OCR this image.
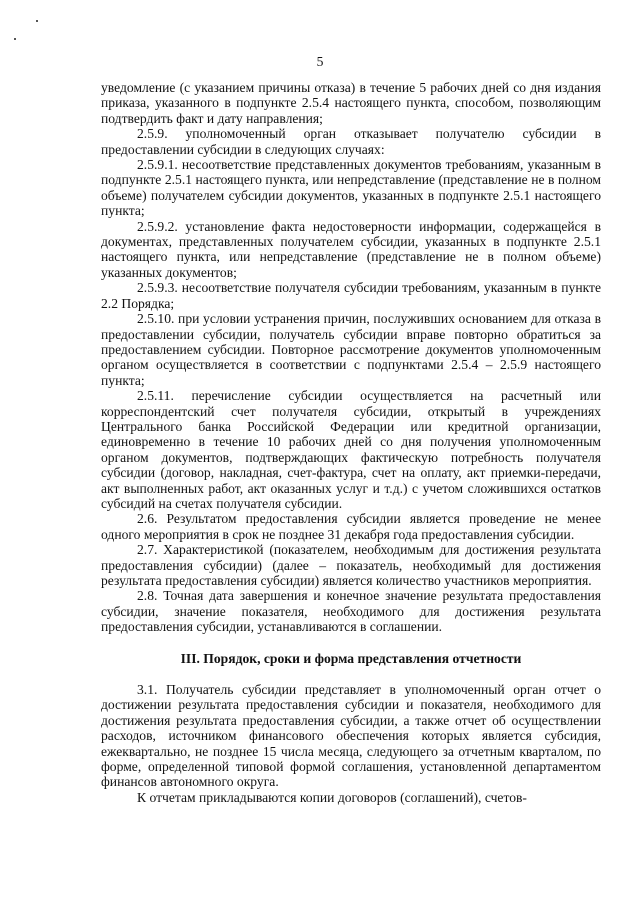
5

уведомление (с указанием причины отказа) в течение 5 рабочих дней со дня издания приказа, указанного в подпункте 2.5.4 настоящего пункта, способом, позволяющим подтвердить факт и дату направления;

2.5.9. уполномоченный орган отказывает получателю субсидии в предоставлении субсидии в следующих случаях:

2.5.9.1. несоответствие представленных документов требованиям, указанным в подпункте 2.5.1 настоящего пункта, или непредставление (представление не в полном объеме) получателем субсидии документов, указанных в подпункте 2.5.1 настоящего пункта;

2.5.9.2. установление факта недостоверности информации, содержащейся в документах, представленных получателем субсидии, указанных в подпункте 2.5.1 настоящего пункта, или непредставление (представление не в полном объеме) указанных документов;

2.5.9.3. несоответствие получателя субсидии требованиям, указанным в пункте 2.2 Порядка;

2.5.10. при условии устранения причин, послуживших основанием для отказа в предоставлении субсидии, получатель субсидии вправе повторно обратиться за предоставлением субсидии. Повторное рассмотрение документов уполномоченным органом осуществляется в соответствии с подпунктами 2.5.4 – 2.5.9 настоящего пункта;

2.5.11. перечисление субсидии осуществляется на расчетный или корреспондентский счет получателя субсидии, открытый в учреждениях Центрального банка Российской Федерации или кредитной организации, единовременно в течение 10 рабочих дней со дня получения уполномоченным органом документов, подтверждающих фактическую потребность получателя субсидии (договор, накладная, счет-фактура, счет на оплату, акт приемки-передачи, акт выполненных работ, акт оказанных услуг и т.д.) с учетом сложившихся остатков субсидий на счетах получателя субсидии.

2.6. Результатом предоставления субсидии является проведение не менее одного мероприятия в срок не позднее 31 декабря года предоставления субсидии.

2.7. Характеристикой (показателем, необходимым для достижения результата предоставления субсидии) (далее – показатель, необходимый для достижения результата предоставления субсидии) является количество участников мероприятия.

2.8. Точная дата завершения и конечное значение результата предоставления субсидии, значение показателя, необходимого для достижения результата предоставления субсидии, устанавливаются в соглашении.

III. Порядок, сроки и форма представления отчетности

3.1. Получатель субсидии представляет в уполномоченный орган отчет о достижении результата предоставления субсидии и показателя, необходимого для достижения результата предоставления субсидии, а также отчет об осуществлении расходов, источником финансового обеспечения которых является субсидия, ежеквартально, не позднее 15 числа месяца, следующего за отчетным кварталом, по форме, определенной типовой формой соглашения, установленной департаментом финансов автономного округа.

К отчетам прикладываются копии договоров (соглашений), счетов-
